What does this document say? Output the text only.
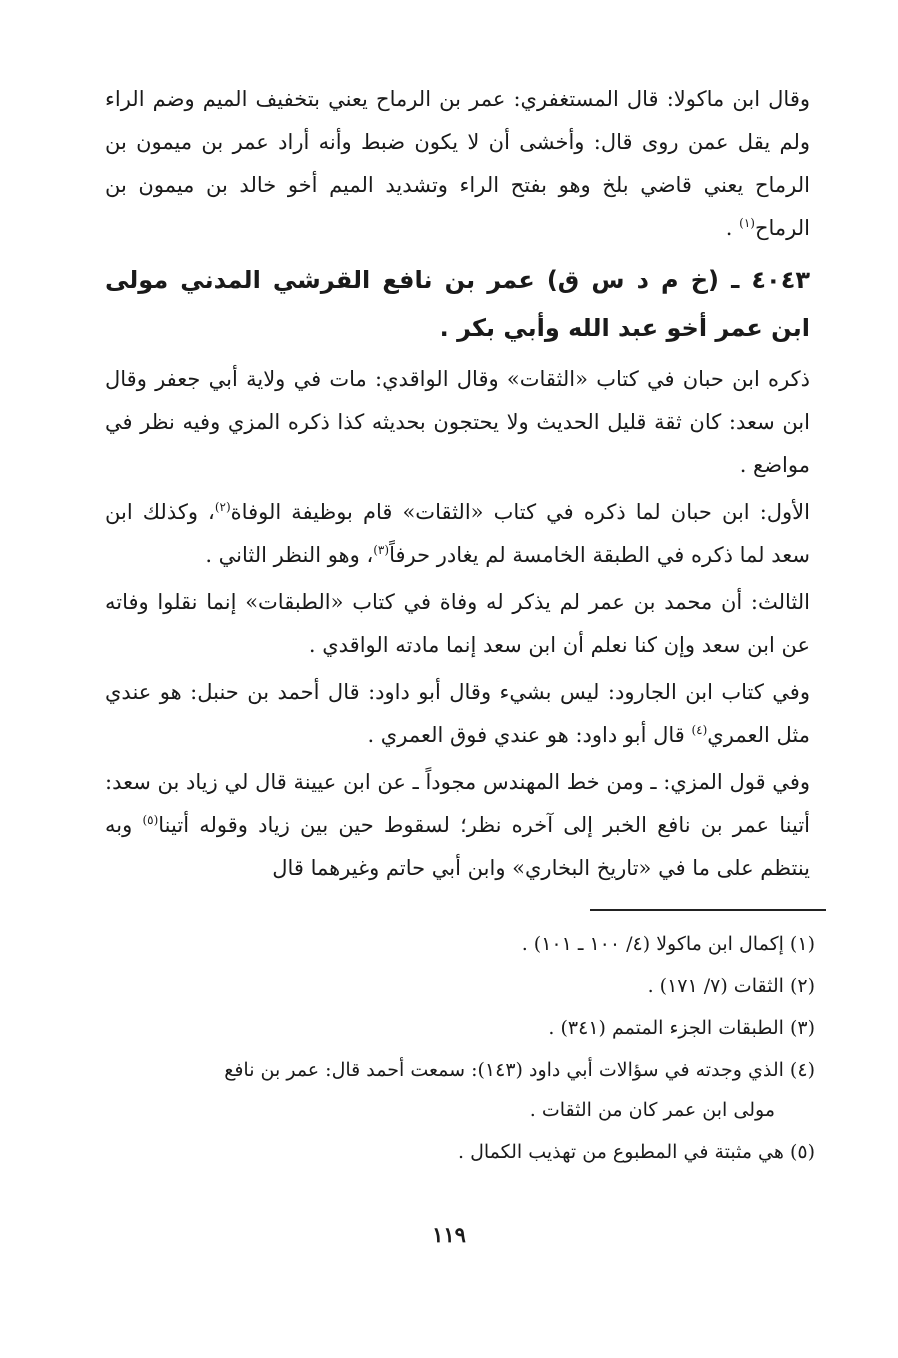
وقال ابن ماكولا: قال المستغفري: عمر بن الرماح يعني بتخفيف الميم وضم الراء ولم يقل عمن روى قال: وأخشى أن لا يكون ضبط وأنه أراد عمر بن ميمون بن الرماح يعني قاضي بلخ وهو بفتح الراء وتشديد الميم أخو خالد بن ميمون بن الرماح$^{(١)}$ .

٤٠٤٣ ـ (خ م د س ق) عمر بن نافع القرشي المدني مولى ابن عمر أخو عبد الله وأبي بكر .

ذكره ابن حبان في كتاب «الثقات» وقال الواقدي: مات في ولاية أبي جعفر وقال ابن سعد: كان ثقة قليل الحديث ولا يحتجون بحديثه كذا ذكره المزي وفيه نظر في مواضع .

الأول: ابن حبان لما ذكره في كتاب «الثقات» قام بوظيفة الوفاة$^{(٢)}$، وكذلك ابن سعد لما ذكره في الطبقة الخامسة لم يغادر حرفاً$^{(٣)}$، وهو النظر الثاني .

الثالث: أن محمد بن عمر لم يذكر له وفاة في كتاب «الطبقات» إنما نقلوا وفاته عن ابن سعد وإن كنا نعلم أن ابن سعد إنما مادته الواقدي .

وفي كتاب ابن الجارود: ليس بشيء وقال أبو داود: قال أحمد بن حنبل: هو عندي مثل العمري$^{(٤)}$ قال أبو داود: هو عندي فوق العمري .

وفي قول المزي: ـ ومن خط المهندس مجوداً ـ عن ابن عيينة قال لي زياد بن سعد: أتينا عمر بن نافع الخبر إلى آخره نظر؛ لسقوط حين بين زياد وقوله أتينا$^{(٥)}$ وبه ينتظم على ما في «تاريخ البخاري» وابن أبي حاتم وغيرهما قال

(١) إكمال ابن ماكولا (٤/ ١٠٠ ـ ١٠١) .
(٢) الثقات (٧/ ١٧١) .
(٣) الطبقات الجزء المتمم (٣٤١) .
(٤) الذي وجدته في سؤالات أبي داود (١٤٣): سمعت أحمد قال: عمر بن نافع
مولى ابن عمر كان من الثقات .
(٥) هي مثبتة في المطبوع من تهذيب الكمال .
١١٩
